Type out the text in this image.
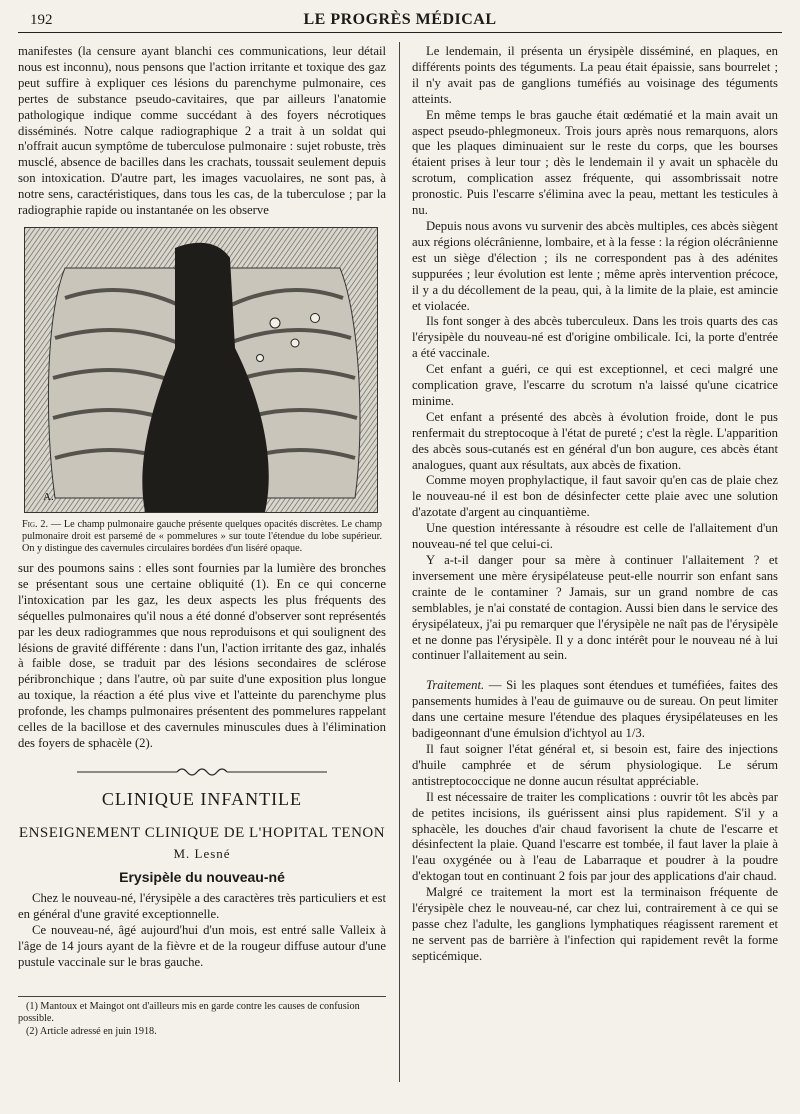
192	LE PROGRÈS MÉDICAL

manifestes (la censure ayant blanchi ces communications, leur détail nous est inconnu), nous pensons que l'action irritante et toxique des gaz peut suffire à expliquer ces lésions du parenchyme pulmonaire, ces pertes de substance pseudo-cavitaires, que par ailleurs l'anatomie pathologique indique comme succédant à des foyers nécrotiques disséminés. Notre calque radiographique 2 a trait à un soldat qui n'offrait aucun symptôme de tuberculose pulmonaire : sujet robuste, très musclé, absence de bacilles dans les crachats, toussait seulement depuis son intoxication. D'autre part, les images vacuolaires, ne sont pas, à notre sens, caractéristiques, dans tous les cas, de la tuberculose ; par la radiographie rapide ou instantanée on les observe

A.
Fig. 2. — Le champ pulmonaire gauche présente quelques opacités discrètes. Le champ pulmonaire droit est parsemé de « pommelures » sur toute l'étendue du lobe supérieur. On y distingue des cavernules circulaires bordées d'un liséré opaque.

sur des poumons sains : elles sont fournies par la lumière des bronches se présentant sous une certaine obliquité (1). En ce qui concerne l'intoxication par les gaz, les deux aspects les plus fréquents des séquelles pulmonaires qu'il nous a été donné d'observer sont représentés par les deux radiogrammes que nous reproduisons et qui soulignent des lésions de gravité différente : dans l'un, l'action irritante des gaz, inhalés à faible dose, se traduit par des lésions secondaires de sclérose péribronchique ; dans l'autre, où par suite d'une exposition plus longue au toxique, la réaction a été plus vive et l'atteinte du parenchyme plus profonde, les champs pulmonaires présentent des pommelures rappelant celles de la bacillose et des cavernules minuscules dues à l'élimination des foyers de sphacèle (2).

CLINIQUE INFANTILE
ENSEIGNEMENT CLINIQUE DE L'HOPITAL TENON
M. Lesné
Erysipèle du nouveau-né

Chez le nouveau-né, l'érysipèle a des caractères très particuliers et est en général d'une gravité exceptionnelle.

Ce nouveau-né, âgé aujourd'hui d'un mois, est entré salle Valleix à l'âge de 14 jours ayant de la fièvre et de la rougeur diffuse autour d'une pustule vaccinale sur le bras gauche.

(1) Mantoux et Maingot ont d'ailleurs mis en garde contre les causes de confusion possible.

(2) Article adressé en juin 1918.

Le lendemain, il présenta un érysipèle disséminé, en plaques, en différents points des téguments. La peau était épaissie, sans bourrelet ; il n'y avait pas de ganglions tuméfiés au voisinage des téguments atteints.

En même temps le bras gauche était œdématié et la main avait un aspect pseudo-phlegmoneux. Trois jours après nous remarquons, alors que les plaques diminuaient sur le reste du corps, que les bourses étaient prises à leur tour ; dès le lendemain il y avait un sphacèle du scrotum, complication assez fréquente, qui assombrissait notre pronostic. Puis l'escarre s'élimina avec la peau, mettant les testicules à nu.

Depuis nous avons vu survenir des abcès multiples, ces abcès siègent aux régions olécrânienne, lombaire, et à la fesse : la région olécrânienne est un siège d'élection ; ils ne correspondent pas à des adénites suppurées ; leur évolution est lente ; même après intervention précoce, il y a du décollement de la peau, qui, à la limite de la plaie, est amincie et violacée.

Ils font songer à des abcès tuberculeux. Dans les trois quarts des cas l'érysipèle du nouveau-né est d'origine ombilicale. Ici, la porte d'entrée a été vaccinale.

Cet enfant a guéri, ce qui est exceptionnel, et ceci malgré une complication grave, l'escarre du scrotum n'a laissé qu'une cicatrice minime.

Cet enfant a présenté des abcès à évolution froide, dont le pus renfermait du streptocoque à l'état de pureté ; c'est la règle. L'apparition des abcès sous-cutanés est en général d'un bon augure, ces abcès étant analogues, quant aux résultats, aux abcès de fixation.

Comme moyen prophylactique, il faut savoir qu'en cas de plaie chez le nouveau-né il est bon de désinfecter cette plaie avec une solution d'azotate d'argent au cinquantième.

Une question intéressante à résoudre est celle de l'allaitement d'un nouveau-né tel que celui-ci.

Y a-t-il danger pour sa mère à continuer l'allaitement ? et inversement une mère érysipélateuse peut-elle nourrir son enfant sans crainte de le contaminer ? Jamais, sur un grand nombre de cas semblables, je n'ai constaté de contagion. Aussi bien dans le service des érysipélateux, j'ai pu remarquer que l'érysipèle ne naît pas de l'érysipèle et ne donne pas l'érysipèle. Il y a donc intérêt pour le nouveau né à lui continuer l'allaitement au sein.

Traitement. — Si les plaques sont étendues et tuméfiées, faites des pansements humides à l'eau de guimauve ou de sureau. On peut limiter dans une certaine mesure l'étendue des plaques érysipélateuses en les badigeonnant d'une émulsion d'ichtyol au 1/3.

Il faut soigner l'état général et, si besoin est, faire des injections d'huile camphrée et de sérum physiologique. Le sérum antistreptococcique ne donne aucun résultat appréciable.

Il est nécessaire de traiter les complications : ouvrir tôt les abcès par de petites incisions, ils guérissent ainsi plus rapidement. S'il y a sphacèle, les douches d'air chaud favorisent la chute de l'escarre et désinfectent la plaie. Quand l'escarre est tombée, il faut laver la plaie à l'eau oxygénée ou à l'eau de Labarraque et poudrer à la poudre d'ektogan tout en continuant 2 fois par jour des applications d'air chaud.

Malgré ce traitement la mort est la terminaison fréquente de l'érysipèle chez le nouveau-né, car chez lui, contrairement à ce qui se passe chez l'adulte, les ganglions lymphatiques réagissent rarement et ne servent pas de barrière à l'infection qui rapidement revêt la forme septicémique.
